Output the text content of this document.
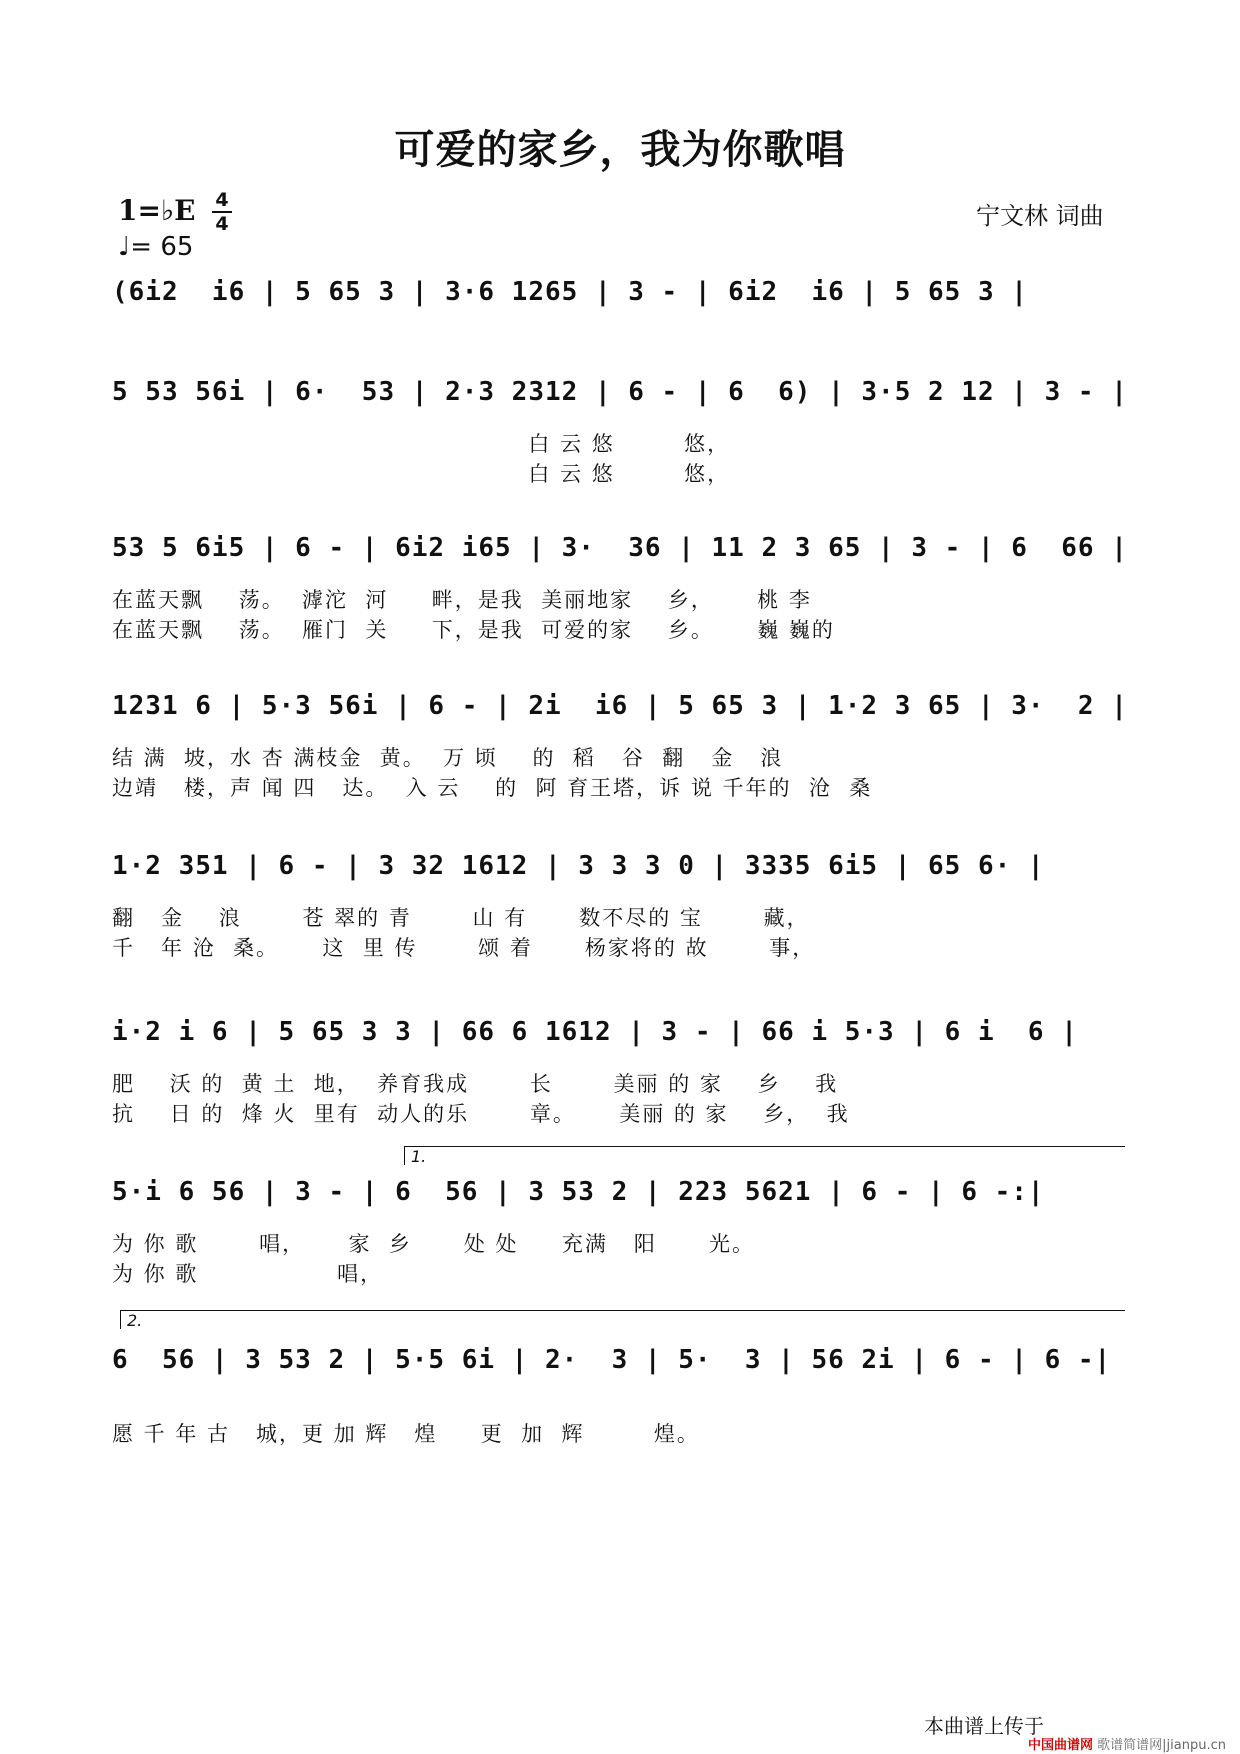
可爱的家乡，我为你歌唱
1=♭E 4
4
♩= 65
宁文林 词曲
(6i2  i6 | 5 65 3 | 3·6 1265 | 3 - | 6i2  i6 | 5 65 3 |
5 53 56i | 6·  53 | 2·3 2312 | 6 - | 6  6) | 3·5 2 12 | 3 - |
白 云 悠        悠，
白 云 悠        悠，
53 5 6i5 | 6 - | 6i2 i65 | 3·  36 | 11 2 3 65 | 3 - | 6  66 |
在蓝天飘    荡。  滹沱  河     畔，是我  美丽地家    乡，     桃 李
在蓝天飘    荡。  雁门  关     下，是我  可爱的家    乡。     巍 巍的
1231 6 | 5·3 56i | 6 - | 2i  i6 | 5 65 3 | 1·2 3 65 | 3·  2 |
结 满  坡，水 杏 满枝金  黄。  万 顷    的  稻   谷  翻   金   浪
边靖   楼，声 闻 四   达。  入 云    的  阿 育王塔，诉 说 千年的  沧  桑
1·2 351 | 6 - | 3 32 1612 | 3 3 3 0 | 3335 6i5 | 65 6· |
翻   金    浪       苍 翠的 青       山 有      数不尽的 宝       藏，
千   年 沧  桑。     这  里 传       颂 着      杨家将的 故       事，
i·2 i 6 | 5 65 3 3 | 66 6 1612 | 3 - | 66 i 5·3 | 6 i  6 |
肥    沃 的  黄 土  地，  养育我成       长       美丽 的 家    乡    我
抗    日 的  烽 火  里有  动人的乐       章。     美丽 的 家    乡，  我
1.
5·i 6 56 | 3 - | 6  56 | 3 53 2 | 223 5621 | 6 - | 6 -:|
为 你 歌       唱，     家  乡      处 处     充满   阳      光。
为 你 歌                唱，
2.
6  56 | 3 53 2 | 5·5 6i | 2·  3 | 5·  3 | 56 2i | 6 - | 6 -|
愿 千 年 古   城，更 加 辉   煌     更  加  辉        煌。
本曲谱上传于
中国曲谱网 歌谱简谱网|jianpu.cn
